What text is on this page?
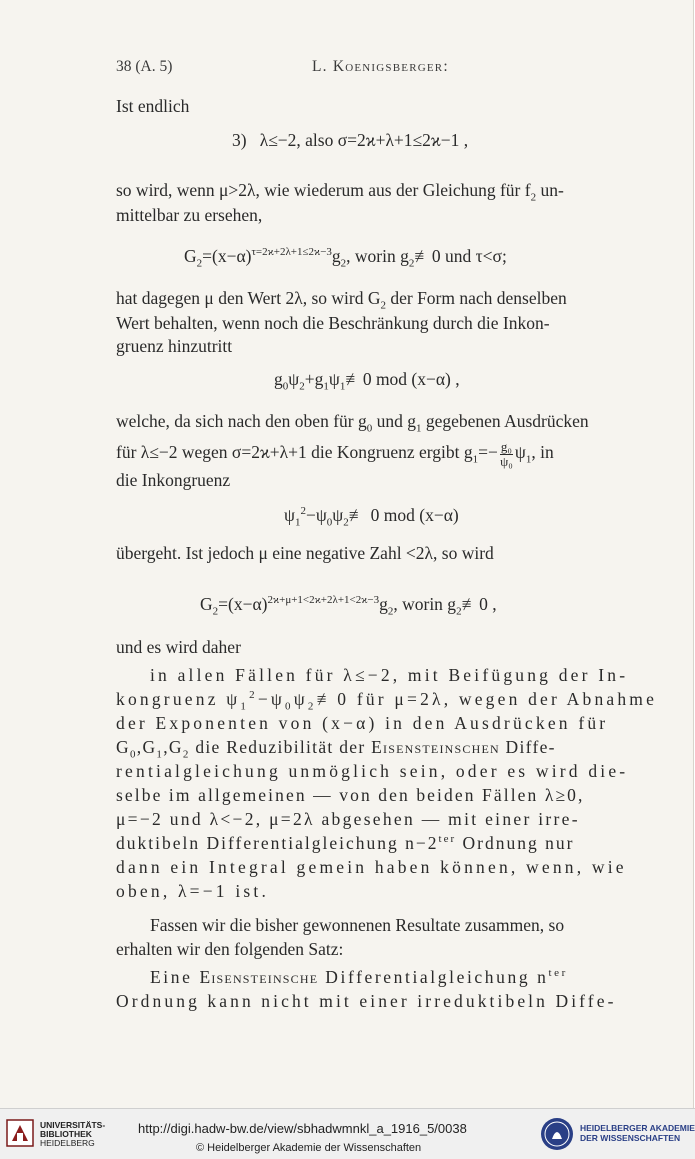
38 (A. 5)	L. Koenigsberger:
Ist endlich
3) λ≤−2, also σ=2ϰ+λ+1≤2ϰ−1 ,
so wird, wenn μ>2λ, wie wiederum aus der Gleichung für $f_2$ un-
mittelbar zu ersehen,
$G_2=(x-\alpha)^{\tau=2ϰ+2\lambda+1\le 2ϰ-3}g_2$, worin $g_2≢0$ und τ<σ;
hat dagegen μ den Wert 2λ, so wird $G_2$ der Form nach denselben
Wert behalten, wenn noch die Beschränkung durch die Inkon-
gruenz hinzutritt
$g_0\psi_2+g_1\psi_1≢0$ mod (x−α) ,
welche, da sich nach den oben für $g_0$ und $g_1$ gegebenen Ausdrücken
für λ≤−2 wegen σ=2ϰ+λ+1 die Kongruenz ergibt $g_1=- \frac{\text{g₀}}{\text{ψ₀}} \psi_1$, in
die Inkongruenz
$\psi_1^2-\psi_0\psi_2≢$ 0 mod (x−α)
übergeht. Ist jedoch μ eine negative Zahl <2λ, so wird
$G_2=(x-\alpha)^{2ϰ+\mu+1<2ϰ+2\lambda+1<2ϰ-3}g_2$, worin $g_2≢0$ ,
und es wird daher
in allen Fällen für λ≤−2, mit Beifügung der In-
kongruenz $\psi_1^2-\psi_0\psi_2≢0$ für μ=2λ, wegen der Abnahme
der Exponenten von (x−α) in den Ausdrücken für
$G_0,G_1,G_2$ die Reduzibilität der Eisensteinschen Diffe-
rentialgleichung unmöglich sein, oder es wird die-
selbe im allgemeinen — von den beiden Fällen λ≥0,
μ=−2 und λ<−2, μ=2λ abgesehen — mit einer irre-
duktibeln Differentialgleichung $n-2^{ter}$ Ordnung nur
dann ein Integral gemein haben können, wenn, wie
oben, λ=−1 ist.
Fassen wir die bisher gewonnenen Resultate zusammen, so
erhalten wir den folgenden Satz:
Eine Eisensteinsche Differentialgleichung $n^{ter}$
Ordnung kann nicht mit einer irreduktibeln Diffe-
UNIVERSITÄTS-
BIBLIOTHEK
HEIDELBERG
http://digi.hadw-bw.de/view/sbhadwmnkl_a_1916_5/0038
© Heidelberger Akademie der Wissenschaften
HEIDELBERGER AKADEMIE
DER WISSENSCHAFTEN
